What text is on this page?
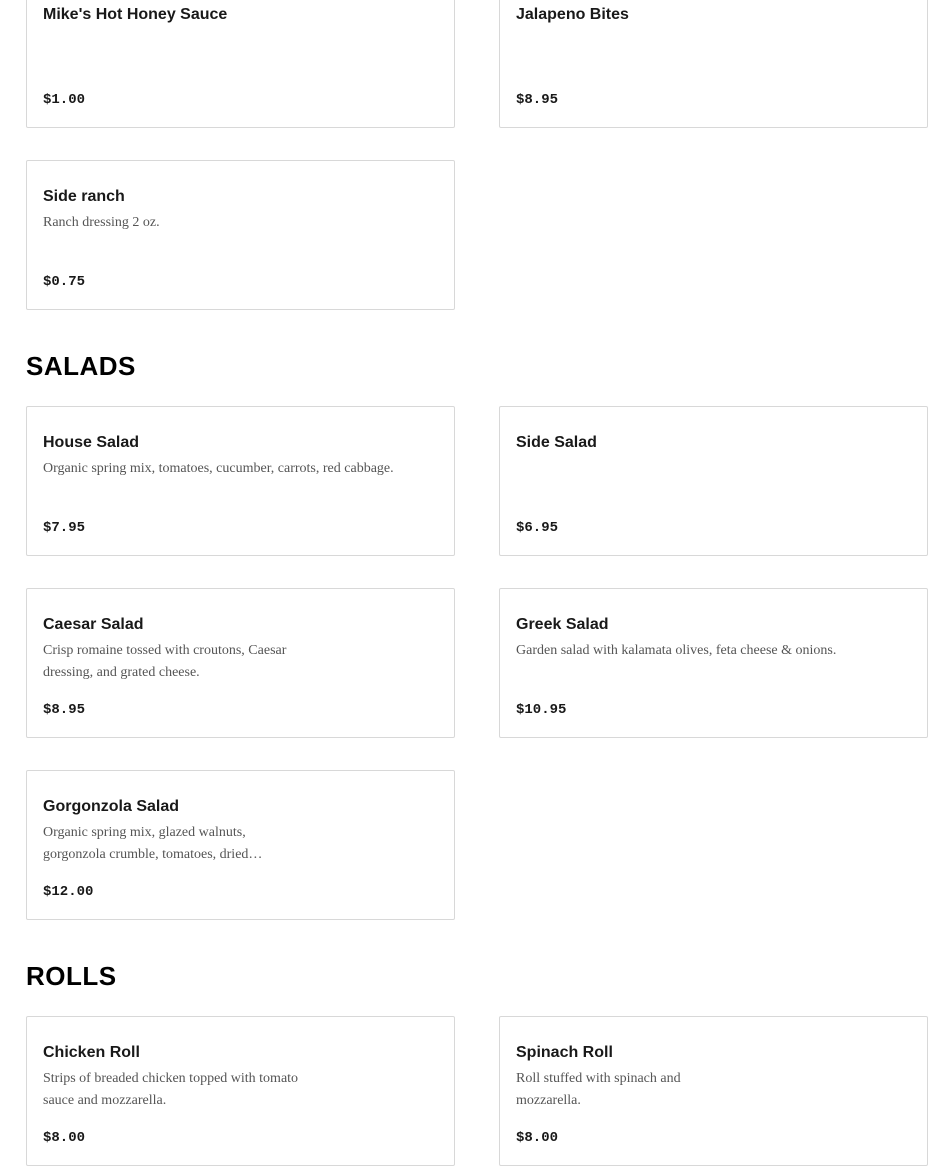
Mike's Hot Honey Sauce
$1.00
Jalapeno Bites
$8.95
Side ranch
Ranch dressing 2 oz.
$0.75
SALADS
House Salad
Organic spring mix, tomatoes, cucumber, carrots, red cabbage.
$7.95
Side Salad
$6.95
Caesar Salad
Crisp romaine tossed with croutons, Caesar dressing, and grated cheese.
$8.95
Greek Salad
Garden salad with kalamata olives, feta cheese & onions.
$10.95
Gorgonzola Salad
Organic spring mix, glazed walnuts, gorgonzola crumble, tomatoes, dried…
$12.00
ROLLS
Chicken Roll
Strips of breaded chicken topped with tomato sauce and mozzarella.
$8.00
Spinach Roll
Roll stuffed with spinach and mozzarella.
$8.00
